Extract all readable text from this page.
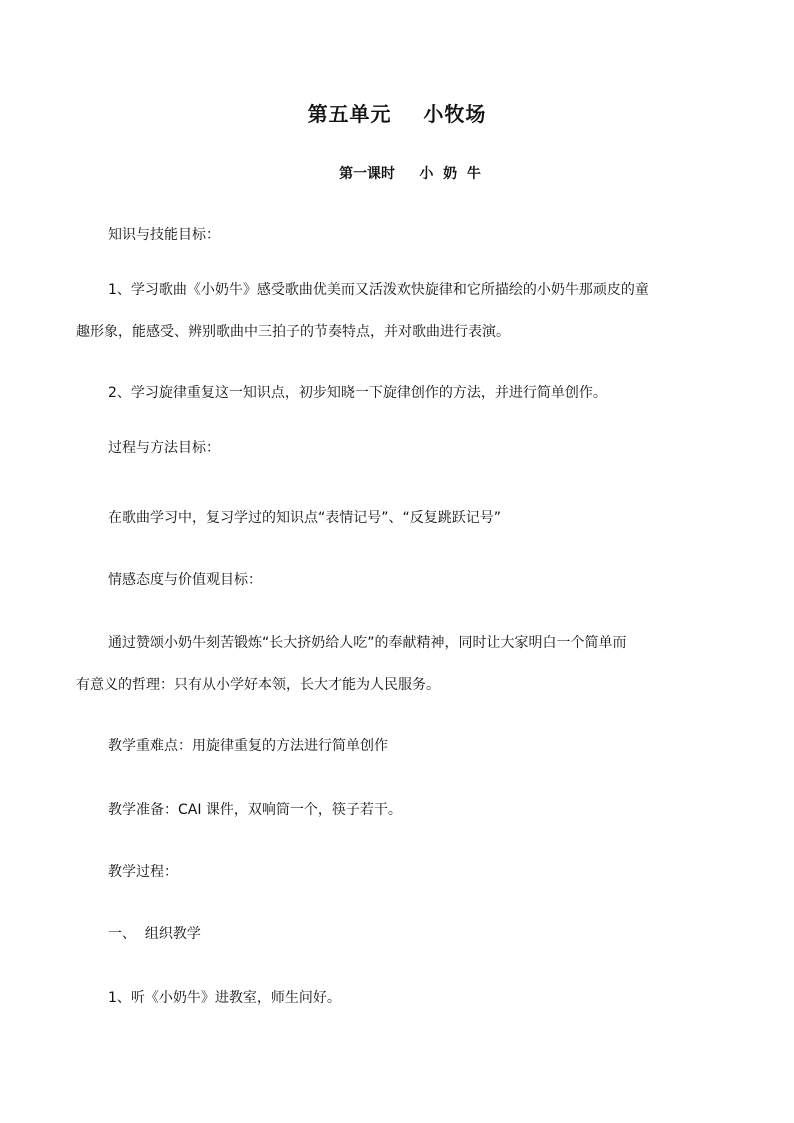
第五单元    小牧场
第一课时     小  奶  牛
知识与技能目标：
1、学习歌曲《小奶牛》感受歌曲优美而又活泼欢快旋律和它所描绘的小奶牛那顽皮的童
趣形象，能感受、辨别歌曲中三拍子的节奏特点，并对歌曲进行表演。
2、学习旋律重复这一知识点，初步知晓一下旋律创作的方法，并进行简单创作。
过程与方法目标：
在歌曲学习中，复习学过的知识点“表情记号”、“反复跳跃记号”
情感态度与价值观目标：
通过赞颂小奶牛刻苦锻炼“长大挤奶给人吃”的奉献精神，同时让大家明白一个简单而
有意义的哲理：只有从小学好本领，长大才能为人民服务。
教学重难点：用旋律重复的方法进行简单创作
教学准备：CAI 课件，双响筒一个，筷子若干。
教学过程：
一、  组织教学
1、听《小奶牛》进教室，师生问好。
